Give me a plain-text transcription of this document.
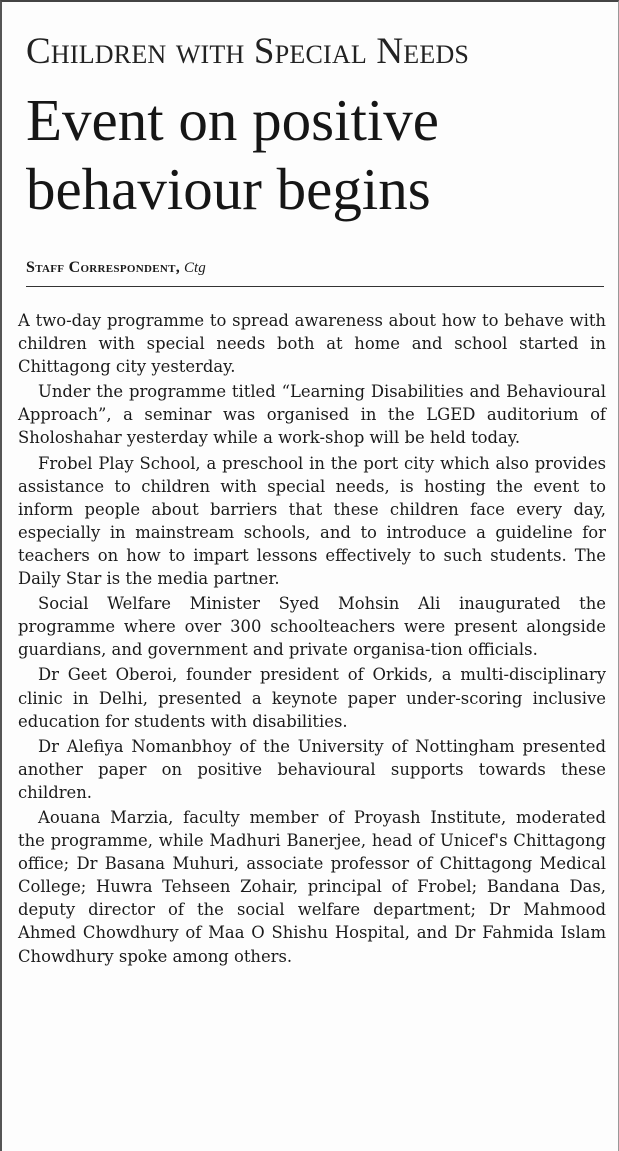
Children with Special Needs
Event on positive behaviour begins
Staff Correspondent, Ctg

A two-day programme to spread awareness about how to behave with children with special needs both at home and school started in Chittagong city yesterday.

Under the programme titled “Learning Disabilities and Behavioural Approach”, a seminar was organised in the LGED auditorium of Sholoshahar yesterday while a work-shop will be held today.

Frobel Play School, a preschool in the port city which also provides assistance to children with special needs, is hosting the event to inform people about barriers that these children face every day, especially in mainstream schools, and to introduce a guideline for teachers on how to impart lessons effectively to such students. The Daily Star is the media partner.

Social Welfare Minister Syed Mohsin Ali inaugurated the programme where over 300 schoolteachers were present alongside guardians, and government and private organisa-tion officials.

Dr Geet Oberoi, founder president of Orkids, a multi-disciplinary clinic in Delhi, presented a keynote paper under-scoring inclusive education for students with disabilities.

Dr Alefiya Nomanbhoy of the University of Nottingham presented another paper on positive behavioural supports towards these children.

Aouana Marzia, faculty member of Proyash Institute, moderated the programme, while Madhuri Banerjee, head of Unicef's Chittagong office; Dr Basana Muhuri, associate professor of Chittagong Medical College; Huwra Tehseen Zohair, principal of Frobel; Bandana Das, deputy director of the social welfare department; Dr Mahmood Ahmed Chowdhury of Maa O Shishu Hospital, and Dr Fahmida Islam Chowdhury spoke among others.
